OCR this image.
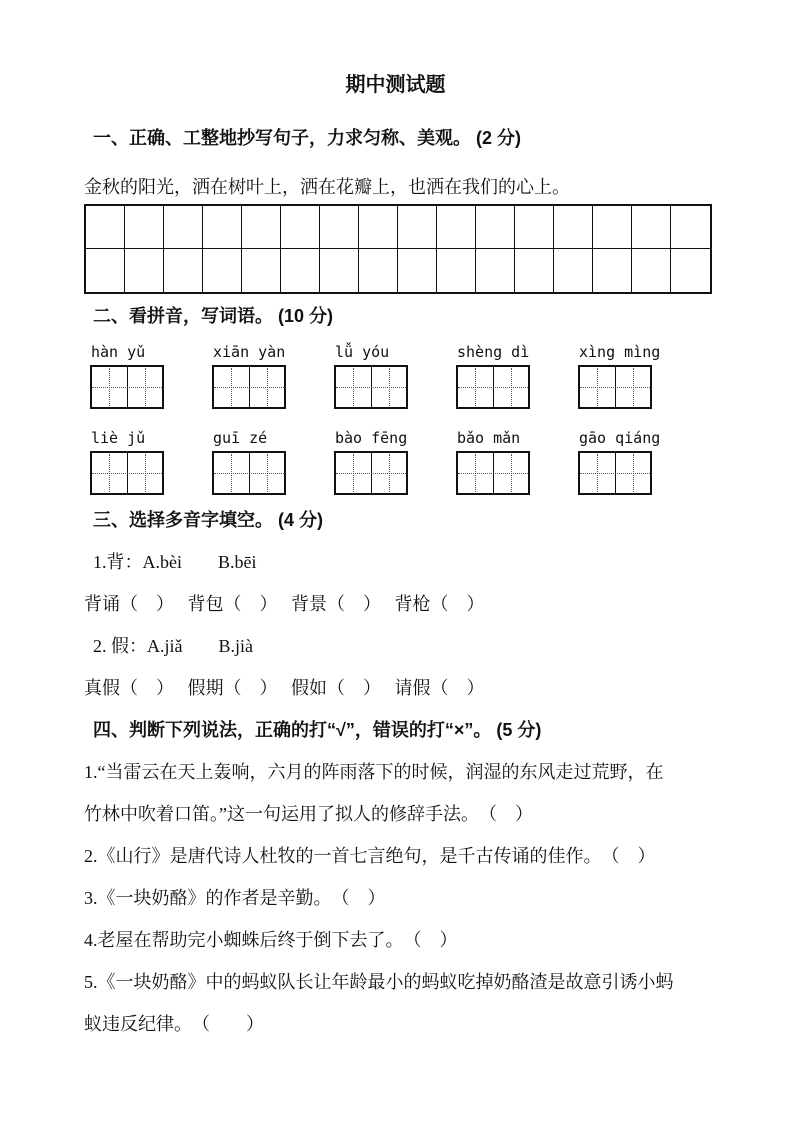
期中测试题
一、正确、工整地抄写句子，力求匀称、美观。 (2 分)

金秋的阳光，洒在树叶上，洒在花瓣上，也洒在我们的心上。

二、看拼音，写词语。 (10 分)
hàn yǔ	xiān yàn	lǚ yóu	shèng dì	xìng mìng
liè jǔ	guī zé	bào fēng	bǎo mǎn	gāo qiáng
三、选择多音字填空。 (4 分)
1.背：A.bèi　　B.bēi
背诵（　）　 背包（　）　 背景（　）　 背枪（　）
2. 假：A.jiǎ　　B.jià
真假（　）　 假期（　）　 假如（　）　 请假（　）
四、判断下列说法，正确的打“√”，错误的打“×”。 (5 分)
1.“当雷云在天上轰响，六月的阵雨落下的时候，润湿的东风走过荒野，在
竹林中吹着口笛。”这一句运用了拟人的修辞手法。　（　）
2.《山行》是唐代诗人杜牧的一首七言绝句，是千古传诵的佳作。　（　）
3.《一块奶酪》的作者是辛勤。　（　）
4.老屋在帮助完小蜘蛛后终于倒下去了。　（　）
5.《一块奶酪》中的蚂蚁队长让年龄最小的蚂蚁吃掉奶酪渣是故意引诱小蚂
蚁违反纪律。　（　　）
